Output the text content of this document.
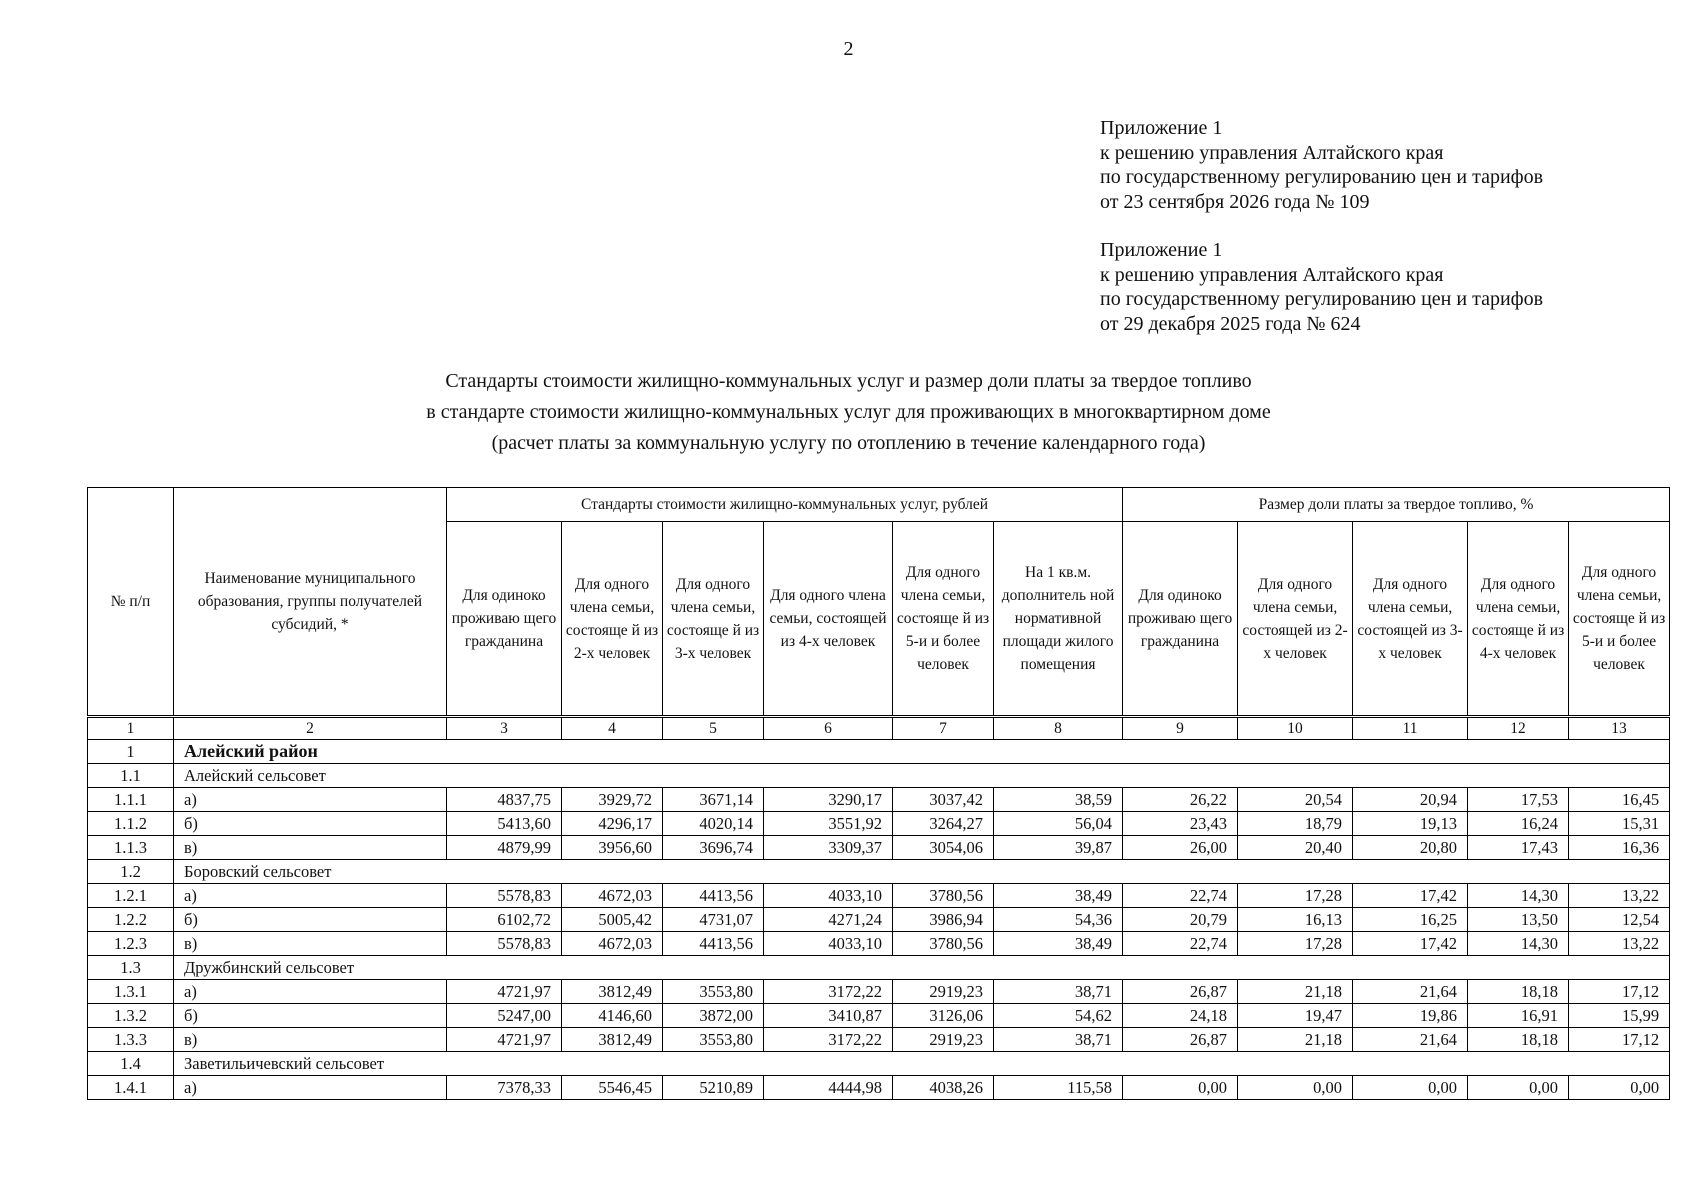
2
Приложение 1
к решению управления Алтайского края
по государственному регулированию цен и тарифов
от 23 сентября 2026 года № 109
Приложение 1
к решению управления Алтайского края
по государственному регулированию цен и тарифов
от 29 декабря 2025 года № 624
Стандарты стоимости жилищно-коммунальных услуг и размер доли платы за твердое топливо
в стандарте стоимости жилищно-коммунальных услуг для проживающих в многоквартирном доме
(расчет платы за коммунальную услугу по отоплению в течение календарного года)
№ п/п	Наименование муниципального образования, группы получателей субсидий, *	Стандарты стоимости жилищно-коммунальных услуг, рублей						Размер доли платы за твердое топливо, %				
		Для одиноко проживаю щего гражданина	Для одного члена семьи, состояще й из 2-х человек	Для одного члена семьи, состояще й из 3-х человек	Для одного члена семьи, состоящей из 4-х человек	Для одного члена семьи, состояще й из 5-и и более человек	На 1 кв.м. дополнитель ной нормативной площади жилого помещения	Для одиноко проживаю щего гражданина	Для одного члена семьи, состоящей из 2-х человек	Для одного члена семьи, состоящей из 3-х человек	Для одного члена семьи, состояще й из 4-х человек	Для одного члена семьи, состояще й из 5-и и более человек
1	2	3	4	5	6	7	8	9	10	11	12	13
1	Алейский район											
1.1	Алейский сельсовет											
1.1.1	а)	4837,75	3929,72	3671,14	3290,17	3037,42	38,59	26,22	20,54	20,94	17,53	16,45
1.1.2	б)	5413,60	4296,17	4020,14	3551,92	3264,27	56,04	23,43	18,79	19,13	16,24	15,31
1.1.3	в)	4879,99	3956,60	3696,74	3309,37	3054,06	39,87	26,00	20,40	20,80	17,43	16,36
1.2	Боровский сельсовет											
1.2.1	а)	5578,83	4672,03	4413,56	4033,10	3780,56	38,49	22,74	17,28	17,42	14,30	13,22
1.2.2	б)	6102,72	5005,42	4731,07	4271,24	3986,94	54,36	20,79	16,13	16,25	13,50	12,54
1.2.3	в)	5578,83	4672,03	4413,56	4033,10	3780,56	38,49	22,74	17,28	17,42	14,30	13,22
1.3	Дружбинский сельсовет											
1.3.1	а)	4721,97	3812,49	3553,80	3172,22	2919,23	38,71	26,87	21,18	21,64	18,18	17,12
1.3.2	б)	5247,00	4146,60	3872,00	3410,87	3126,06	54,62	24,18	19,47	19,86	16,91	15,99
1.3.3	в)	4721,97	3812,49	3553,80	3172,22	2919,23	38,71	26,87	21,18	21,64	18,18	17,12
1.4	Заветильичевский сельсовет											
1.4.1	а)	7378,33	5546,45	5210,89	4444,98	4038,26	115,58	0,00	0,00	0,00	0,00	0,00
